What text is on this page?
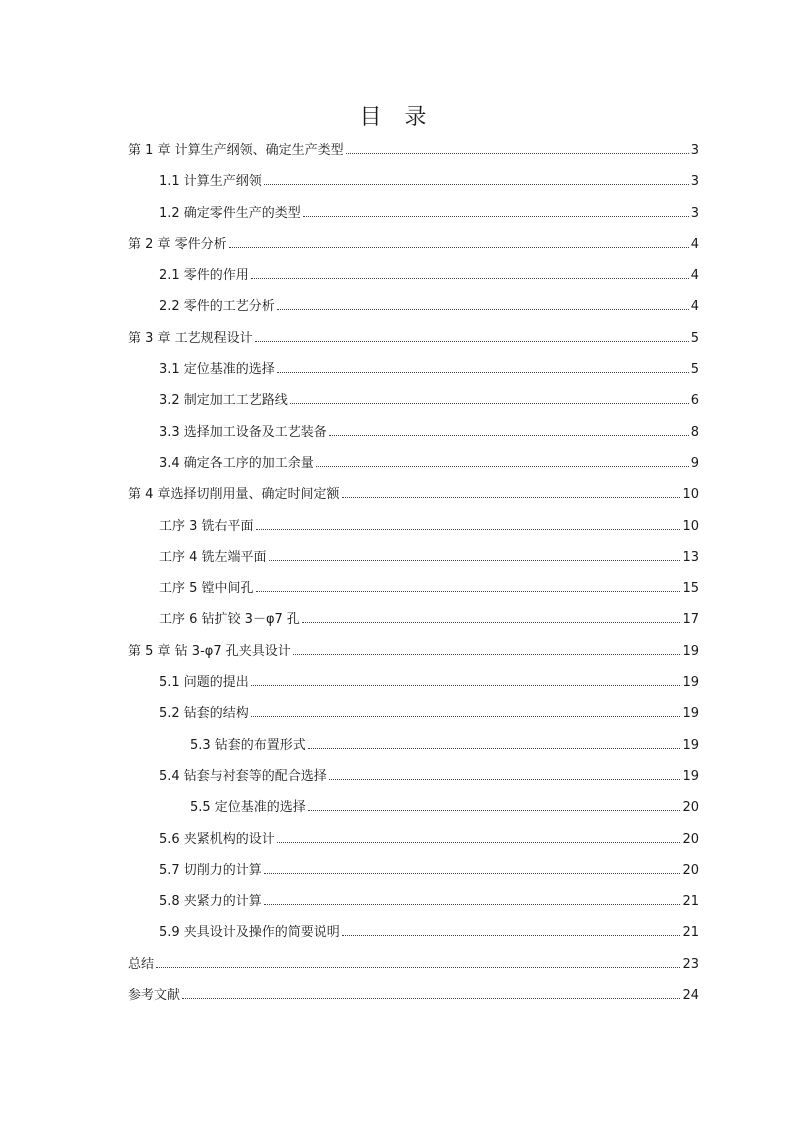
目 录
第 1 章 计算生产纲领、确定生产类型	3
1.1 计算生产纲领	3
1.2 确定零件生产的类型	3
第 2 章 零件分析	4
2.1 零件的作用	4
2.2 零件的工艺分析	4
第 3 章 工艺规程设计	5
3.1 定位基准的选择	5
3.2 制定加工工艺路线	6
3.3 选择加工设备及工艺装备	8
3.4 确定各工序的加工余量	9
第 4 章选择切削用量、确定时间定额	10
工序 3 铣右平面	10
工序 4 铣左端平面	13
工序 5 镗中间孔	15
工序 6 钻扩铰 3－φ7 孔	17
第 5 章 钻 3-φ7 孔夹具设计	19
5.1 问题的提出	19
5.2 钻套的结构	19
5.3 钻套的布置形式	19
5.4 钻套与衬套等的配合选择	19
5.5 定位基准的选择	20
5.6 夹紧机构的设计	20
5.7 切削力的计算	20
5.8 夹紧力的计算	21
5.9 夹具设计及操作的简要说明	21
总结	23
参考文献	24
